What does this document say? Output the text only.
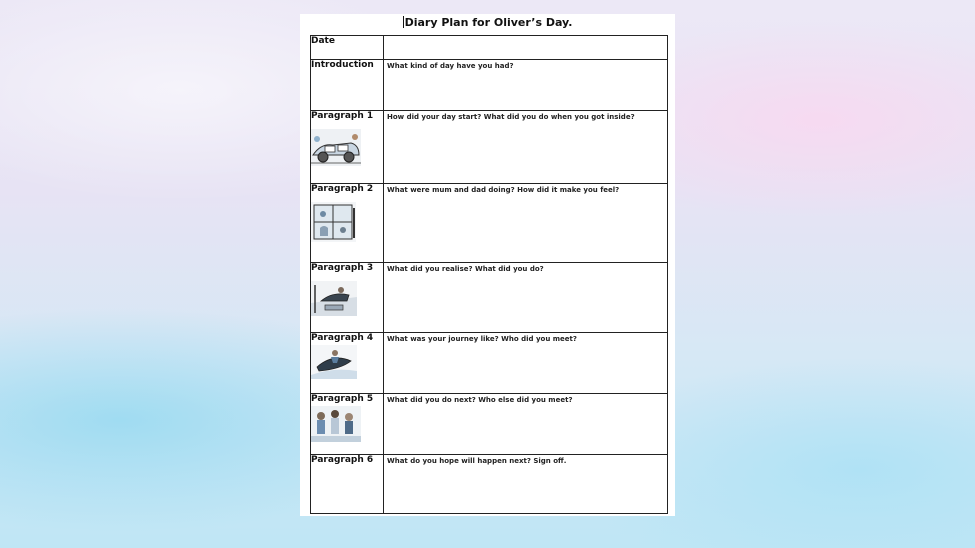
Diary Plan for Oliver’s Day.
Date	

Introduction	What kind of day have you had?

Paragraph 1	How did your day start? What did you do when you got inside?

Paragraph 2	What were mum and dad doing? How did it make you feel?

Paragraph 3	What did you realise? What did you do?

Paragraph 4	What was your journey like? Who did you meet?

Paragraph 5	What did you do next? Who else did you meet?

Paragraph 6	What do you hope will happen next? Sign off.
